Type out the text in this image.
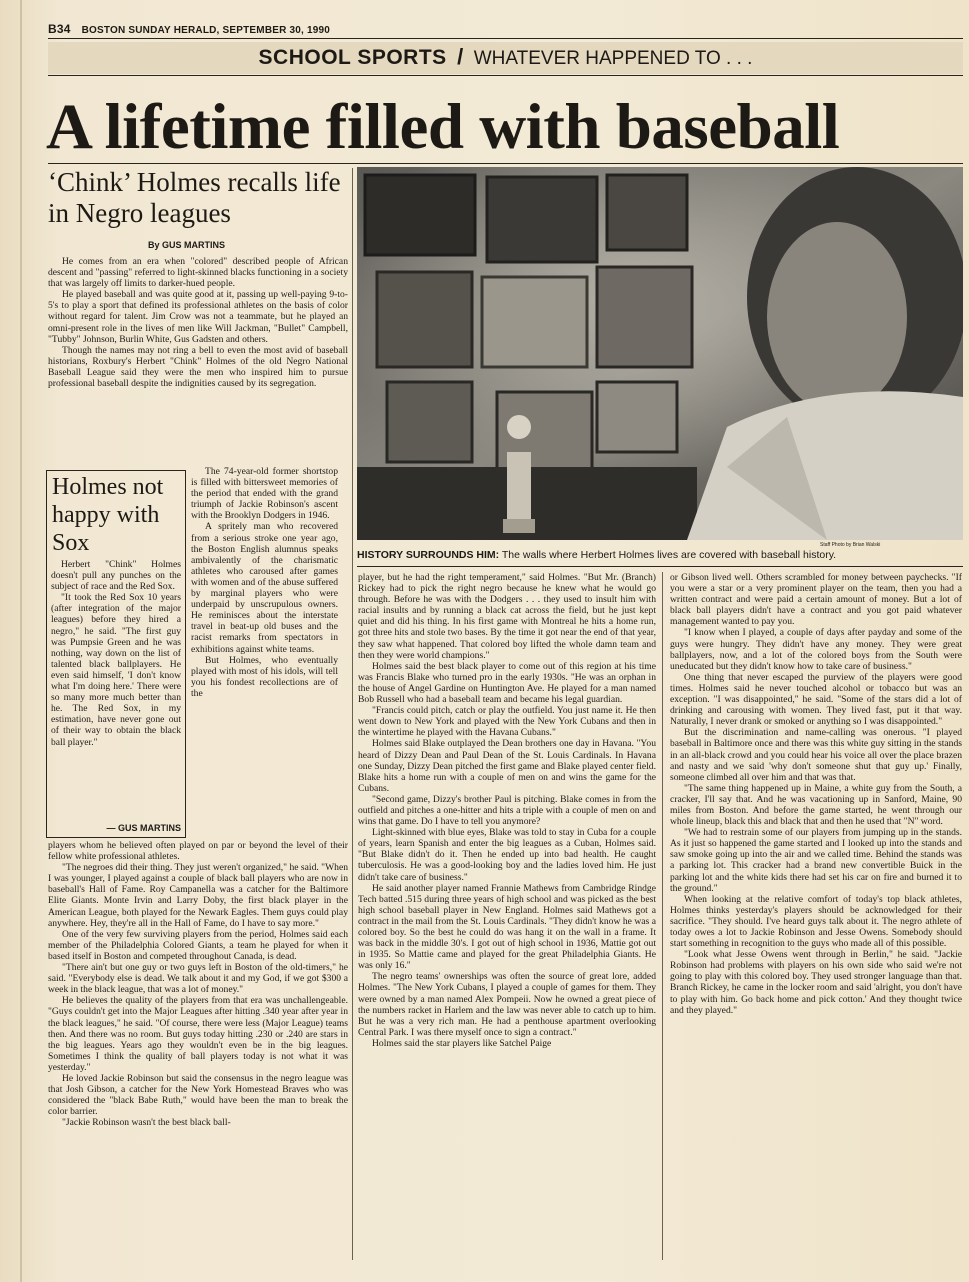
B34 BOSTON SUNDAY HERALD, SEPTEMBER 30, 1990
SCHOOL SPORTS / WHATEVER HAPPENED TO . . .
A lifetime filled with baseball
‘Chink’ Holmes recalls life in Negro leagues
By GUS MARTINS

He comes from an era when "colored" described people of African descent and "passing" referred to light-skinned blacks functioning in a society that was largely off limits to darker-hued people.

He played baseball and was quite good at it, passing up well-paying 9-to-5's to play a sport that defined its professional athletes on the basis of color without regard for talent. Jim Crow was not a teammate, but he played an omni-present role in the lives of men like Will Jackman, "Bullet" Campbell, "Tubby" Johnson, Burlin White, Gus Gadsten and others.

Though the names may not ring a bell to even the most avid of baseball historians, Roxbury's Herbert "Chink" Holmes of the old Negro National Baseball League said they were the men who inspired him to pursue professional baseball despite the indignities caused by its segregation.

Holmes not happy with Sox

Herbert "Chink" Holmes doesn't pull any punches on the subject of race and the Red Sox.

"It took the Red Sox 10 years (after integration of the major leagues) before they hired a negro," he said. "The first guy was Pumpsie Green and he was nothing, way down on the list of talented black ballplayers. He even said himself, 'I don't know what I'm doing here.' There were so many more much better than he. The Red Sox, in my estimation, have never gone out of their way to obtain the black ball player."

— GUS MARTINS

The 74-year-old former shortstop is filled with bittersweet memories of the period that ended with the grand triumph of Jackie Robinson's ascent with the Brooklyn Dodgers in 1946.

A spritely man who recovered from a serious stroke one year ago, the Boston English alumnus speaks ambivalently of the charismatic athletes who caroused after games with women and of the abuse suffered by marginal players who were underpaid by unscrupulous owners. He reminisces about the interstate travel in beat-up old buses and the racist remarks from spectators in exhibitions against white teams.

But Holmes, who eventually played with most of his idols, will tell you his fondest recollections are of the

players whom he believed often played on par or beyond the level of their fellow white professional athletes.

"The negroes did their thing. They just weren't organized," he said. "When I was younger, I played against a couple of black ball players who are now in baseball's Hall of Fame. Roy Campanella was a catcher for the Baltimore Elite Giants. Monte Irvin and Larry Doby, the first black player in the American League, both played for the Newark Eagles. Them guys could play anywhere. Hey, they're all in the Hall of Fame, do I have to say more."

One of the very few surviving players from the period, Holmes said each member of the Philadelphia Colored Giants, a team he played for when it based itself in Boston and competed throughout Canada, is dead.

"There ain't but one guy or two guys left in Boston of the old-timers," he said. "Everybody else is dead. We talk about it and my God, if we got $300 a week in the black league, that was a lot of money."

He believes the quality of the players from that era was unchallengeable. "Guys couldn't get into the Major Leagues after hitting .340 year after year in the black leagues," he said. "Of course, there were less (Major League) teams then. And there was no room. But guys today hitting .230 or .240 are stars in the big leagues. Years ago they wouldn't even be in the big leagues. Sometimes I think the quality of ball players today is not what it was yesterday."

He loved Jackie Robinson but said the consensus in the negro league was that Josh Gibson, a catcher for the New York Homestead Braves who was considered the "black Babe Ruth," would have been the man to break the color barrier.

"Jackie Robinson wasn't the best black ball-

Staff Photo by Brian Walski
HISTORY SURROUNDS HIM: The walls where Herbert Holmes lives are covered with baseball history.

player, but he had the right temperament," said Holmes. "But Mr. (Branch) Rickey had to pick the right negro because he knew what he would go through. Before he was with the Dodgers . . . they used to insult him with racial insults and by running a black cat across the field, but he just kept quiet and did his thing. In his first game with Montreal he hits a home run, got three hits and stole two bases. By the time it got near the end of that year, they saw what happened. That colored boy lifted the whole damn team and then they were world champions."

Holmes said the best black player to come out of this region at his time was Francis Blake who turned pro in the early 1930s. "He was an orphan in the house of Angel Gardine on Huntington Ave. He played for a man named Bob Russell who had a baseball team and became his legal guardian.

"Francis could pitch, catch or play the outfield. You just name it. He then went down to New York and played with the New York Cubans and then in the wintertime he played with the Havana Cubans."

Holmes said Blake outplayed the Dean brothers one day in Havana. "You heard of Dizzy Dean and Paul Dean of the St. Louis Cardinals. In Havana one Sunday, Dizzy Dean pitched the first game and Blake played center field. Blake hits a home run with a couple of men on and wins the game for the Cubans.

"Second game, Dizzy's brother Paul is pitching. Blake comes in from the outfield and pitches a one-hitter and hits a triple with a couple of men on and wins that game. Do I have to tell you anymore?

Light-skinned with blue eyes, Blake was told to stay in Cuba for a couple of years, learn Spanish and enter the big leagues as a Cuban, Holmes said. "But Blake didn't do it. Then he ended up into bad health. He caught tuberculosis. He was a good-looking boy and the ladies loved him. He just didn't take care of business."

He said another player named Frannie Mathews from Cambridge Rindge Tech batted .515 during three years of high school and was picked as the best high school baseball player in New England. Holmes said Mathews got a contract in the mail from the St. Louis Cardinals. "They didn't know he was a colored boy. So the best he could do was hang it on the wall in a frame. It was back in the middle 30's. I got out of high school in 1936, Mattie got out in 1935. So Mattie came and played for the great Philadelphia Giants. He was only 16."

The negro teams' ownerships was often the source of great lore, added Holmes. "The New York Cubans, I played a couple of games for them. They were owned by a man named Alex Pompeii. Now he owned a great piece of the numbers racket in Harlem and the law was never able to catch up to him. But he was a very rich man. He had a penthouse apartment overlooking Central Park. I was there myself once to sign a contract."

Holmes said the star players like Satchel Paige

or Gibson lived well. Others scrambled for money between paychecks. "If you were a star or a very prominent player on the team, then you had a written contract and were paid a certain amount of money. But a lot of black ball players didn't have a contract and you got paid whatever management wanted to pay you.

"I know when I played, a couple of days after payday and some of the guys were hungry. They didn't have any money. They were great ballplayers, now, and a lot of the colored boys from the South were uneducated but they didn't know how to take care of business."

One thing that never escaped the purview of the players were good times. Holmes said he never touched alcohol or tobacco but was an exception. "I was disappointed," he said. "Some of the stars did a lot of drinking and carousing with women. They lived fast, put it that way. Naturally, I never drank or smoked or anything so I was disappointed."

But the discrimination and name-calling was onerous. "I played baseball in Baltimore once and there was this white guy sitting in the stands in an all-black crowd and you could hear his voice all over the place brazen and nasty and we said 'why don't someone shut that guy up.' Finally, someone climbed all over him and that was that.

"The same thing happened up in Maine, a white guy from the South, a cracker, I'll say that. And he was vacationing up in Sanford, Maine, 90 miles from Boston. And before the game started, he went through our whole lineup, black this and black that and then he used that "N" word.

"We had to restrain some of our players from jumping up in the stands. As it just so happened the game started and I looked up into the stands and saw smoke going up into the air and we called time. Behind the stands was a parking lot. This cracker had a brand new convertible Buick in the parking lot and the white kids there had set his car on fire and burned it to the ground."

When looking at the relative comfort of today's top black athletes, Holmes thinks yesterday's players should be acknowledged for their sacrifice. "They should. I've heard guys talk about it. The negro athlete of today owes a lot to Jackie Robinson and Jesse Owens. Somebody should start something in recognition to the guys who made all of this possible.

"Look what Jesse Owens went through in Berlin," he said. "Jackie Robinson had problems with players on his own side who said we're not going to play with this colored boy. They used stronger language than that. Branch Rickey, he came in the locker room and said 'alright, you don't have to play with him. Go back home and pick cotton.' And they thought twice and they played."
